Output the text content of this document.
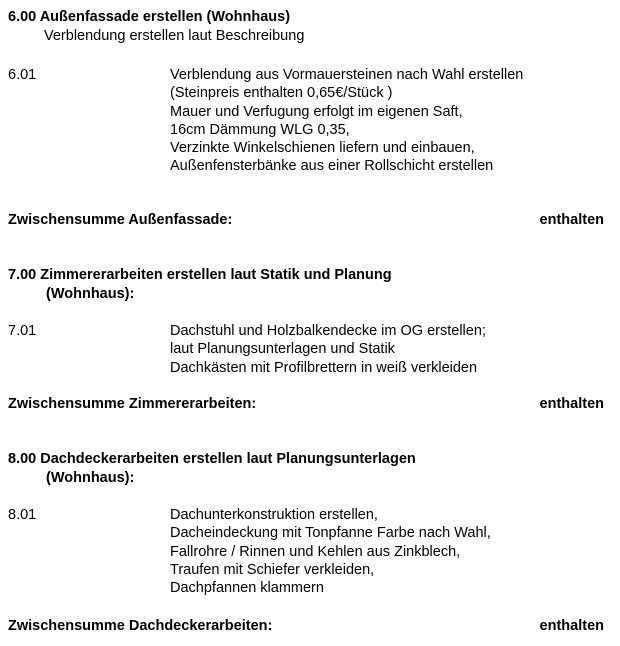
6.00 Außenfassade erstellen (Wohnhaus)
Verblendung erstellen laut Beschreibung
6.01	Verblendung aus Vormauersteinen nach Wahl erstellen
(Steinpreis enthalten 0,65€/Stück )
Mauer und Verfugung erfolgt im eigenen Saft,
16cm Dämmung WLG 0,35,
Verzinkte Winkelschienen liefern und einbauen,
Außenfensterbänke aus einer Rollschicht erstellen
Zwischensumme Außenfassade:	enthalten
7.00 Zimmererarbeiten erstellen laut Statik und Planung
(Wohnhaus):
7.01	Dachstuhl und Holzbalkendecke im OG erstellen;
laut Planungsunterlagen und Statik
Dachkästen mit Profilbrettern in weiß verkleiden
Zwischensumme Zimmererarbeiten:	enthalten
8.00 Dachdeckerarbeiten erstellen laut Planungsunterlagen
(Wohnhaus):
8.01	Dachunterkonstruktion erstellen,
Dacheindeckung mit Tonpfanne Farbe nach Wahl,
Fallrohre / Rinnen und Kehlen aus Zinkblech,
Traufen mit Schiefer verkleiden,
Dachpfannen klammern
Zwischensumme Dachdeckerarbeiten:	enthalten
